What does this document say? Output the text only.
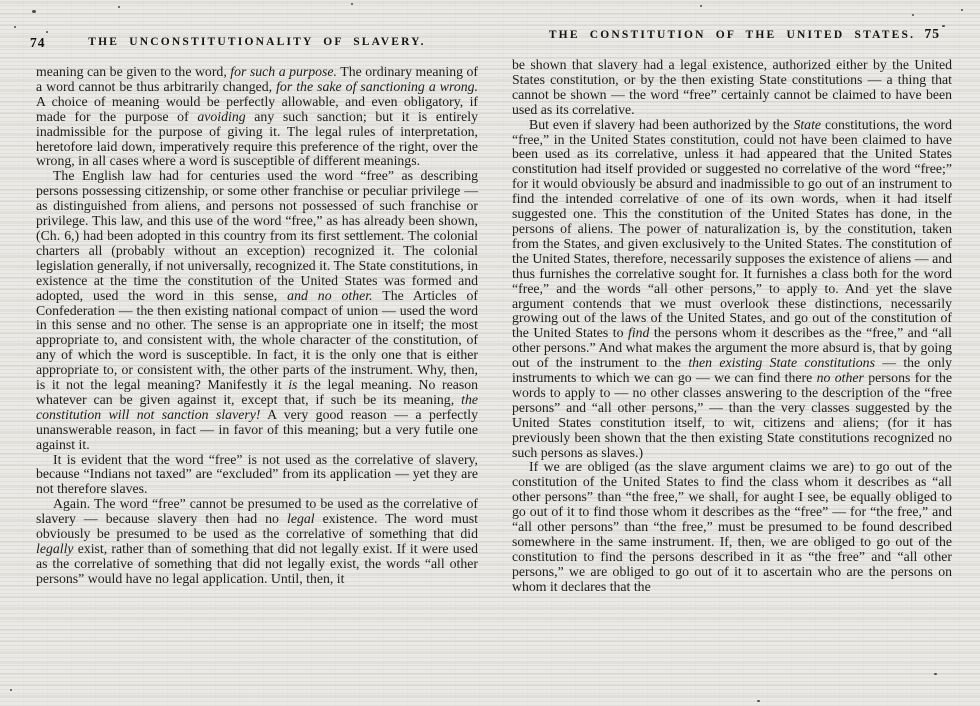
74	THE UNCONSTITUTIONALITY OF SLAVERY.

meaning can be given to the word, for such a purpose. The ordinary meaning of a word cannot be thus arbitrarily changed, for the sake of sanctioning a wrong. A choice of meaning would be perfectly allowable, and even obligatory, if made for the purpose of avoiding any such sanction; but it is entirely inadmissible for the purpose of giving it. The legal rules of interpretation, heretofore laid down, imperatively require this preference of the right, over the wrong, in all cases where a word is susceptible of different meanings.

The English law had for centuries used the word “free” as describing persons possessing citizenship, or some other franchise or peculiar privilege — as distinguished from aliens, and persons not possessed of such franchise or privilege. This law, and this use of the word “free,” as has already been shown, (Ch. 6,) had been adopted in this country from its first settlement. The colonial charters all (probably without an exception) recognized it. The colonial legislation generally, if not universally, recognized it. The State constitutions, in existence at the time the constitution of the United States was formed and adopted, used the word in this sense, and no other. The Articles of Confederation — the then existing national compact of union — used the word in this sense and no other. The sense is an appropriate one in itself; the most appropriate to, and consistent with, the whole character of the constitution, of any of which the word is susceptible. In fact, it is the only one that is either appropriate to, or consistent with, the other parts of the instrument. Why, then, is it not the legal meaning? Manifestly it is the legal meaning. No reason whatever can be given against it, except that, if such be its meaning, the constitution will not sanction slavery! A very good reason — a perfectly unanswerable reason, in fact — in favor of this meaning; but a very futile one against it.

It is evident that the word “free” is not used as the correlative of slavery, because “Indians not taxed” are “excluded” from its application — yet they are not therefore slaves.

Again. The word “free” cannot be presumed to be used as the correlative of slavery — because slavery then had no legal existence. The word must obviously be presumed to be used as the correlative of something that did legally exist, rather than of something that did not legally exist. If it were used as the correlative of something that did not legally exist, the words “all other persons” would have no legal application. Until, then, it

THE CONSTITUTION OF THE UNITED STATES. 75

be shown that slavery had a legal existence, authorized either by the United States constitution, or by the then existing State constitutions — a thing that cannot be shown — the word “free” certainly cannot be claimed to have been used as its correlative.

But even if slavery had been authorized by the State constitutions, the word “free,” in the United States constitution, could not have been claimed to have been used as its correlative, unless it had appeared that the United States constitution had itself provided or suggested no correlative of the word “free;” for it would obviously be absurd and inadmissible to go out of an instrument to find the intended correlative of one of its own words, when it had itself suggested one. This the constitution of the United States has done, in the persons of aliens. The power of naturalization is, by the constitution, taken from the States, and given exclusively to the United States. The constitution of the United States, therefore, necessarily supposes the existence of aliens — and thus furnishes the correlative sought for. It furnishes a class both for the word “free,” and the words “all other persons,” to apply to. And yet the slave argument contends that we must overlook these distinctions, necessarily growing out of the laws of the United States, and go out of the constitution of the United States to find the persons whom it describes as the “free,” and “all other persons.” And what makes the argument the more absurd is, that by going out of the instrument to the then existing State constitutions — the only instruments to which we can go — we can find there no other persons for the words to apply to — no other classes answering to the description of the “free persons” and “all other persons,” — than the very classes suggested by the United States constitution itself, to wit, citizens and aliens; (for it has previously been shown that the then existing State constitutions recognized no such persons as slaves.)

If we are obliged (as the slave argument claims we are) to go out of the constitution of the United States to find the class whom it describes as “all other persons” than “the free,” we shall, for aught I see, be equally obliged to go out of it to find those whom it describes as the “free” — for “the free,” and “all other persons” than “the free,” must be presumed to be found described somewhere in the same instrument. If, then, we are obliged to go out of the constitution to find the persons described in it as “the free” and “all other persons,” we are obliged to go out of it to ascertain who are the persons on whom it declares that the
